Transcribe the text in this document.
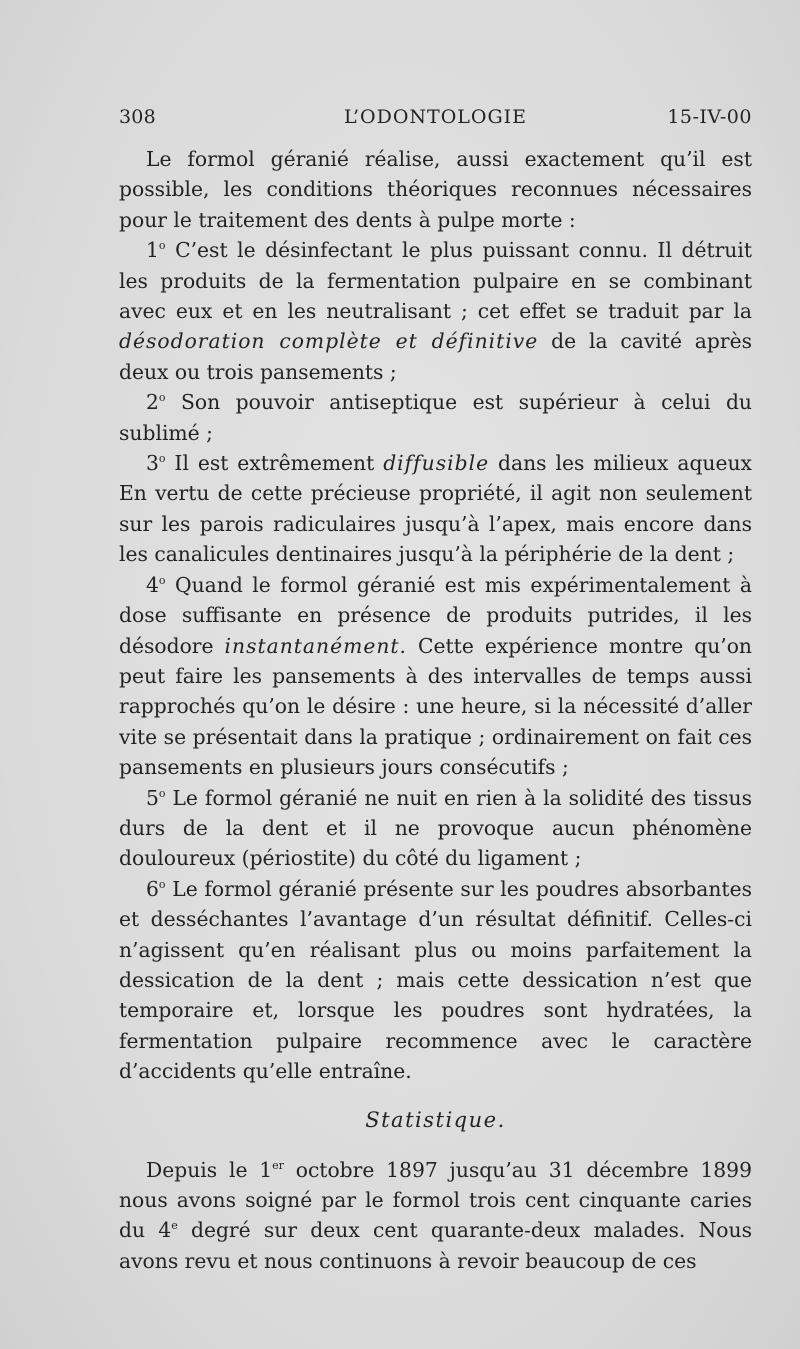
308	L’ODONTOLOGIE	15-IV-00

Le formol géranié réalise, aussi exactement qu’il est possible, les conditions théoriques reconnues nécessaires pour le traitement des dents à pulpe morte :

1$^o$ C’est le désinfectant le plus puissant connu. Il détruit les produits de la fermentation pulpaire en se combinant avec eux et en les neutralisant ; cet effet se traduit par la désodoration complète et définitive de la cavité après deux ou trois pansements ;

2$^o$ Son pouvoir antiseptique est supérieur à celui du sublimé ;

3$^o$ Il est extrêmement diffusible dans les milieux aqueux En vertu de cette précieuse propriété, il agit non seulement sur les parois radiculaires jusqu’à l’apex, mais encore dans les canalicules dentinaires jusqu’à la périphérie de la dent ;

4$^o$ Quand le formol géranié est mis expérimentalement à dose suffisante en présence de produits putrides, il les désodore instantanément. Cette expérience montre qu’on peut faire les pansements à des intervalles de temps aussi rapprochés qu’on le désire : une heure, si la nécessité d’aller vite se présentait dans la pratique ; ordinairement on fait ces pansements en plusieurs jours consécutifs ;

5$^o$ Le formol géranié ne nuit en rien à la solidité des tissus durs de la dent et il ne provoque aucun phénomène douloureux (périostite) du côté du ligament ;

6$^o$ Le formol géranié présente sur les poudres absorbantes et desséchantes l’avantage d’un résultat définitif. Celles-ci n’agissent qu’en réalisant plus ou moins parfaitement la dessication de la dent ; mais cette dessication n’est que temporaire et, lorsque les poudres sont hydratées, la fermentation pulpaire recommence avec le caractère d’accidents qu’elle entraîne.

Statistique.

Depuis le 1er octobre 1897 jusqu’au 31 décembre 1899 nous avons soigné par le formol trois cent cinquante caries du 4e degré sur deux cent quarante-deux malades. Nous avons revu et nous continuons à revoir beaucoup de ces
